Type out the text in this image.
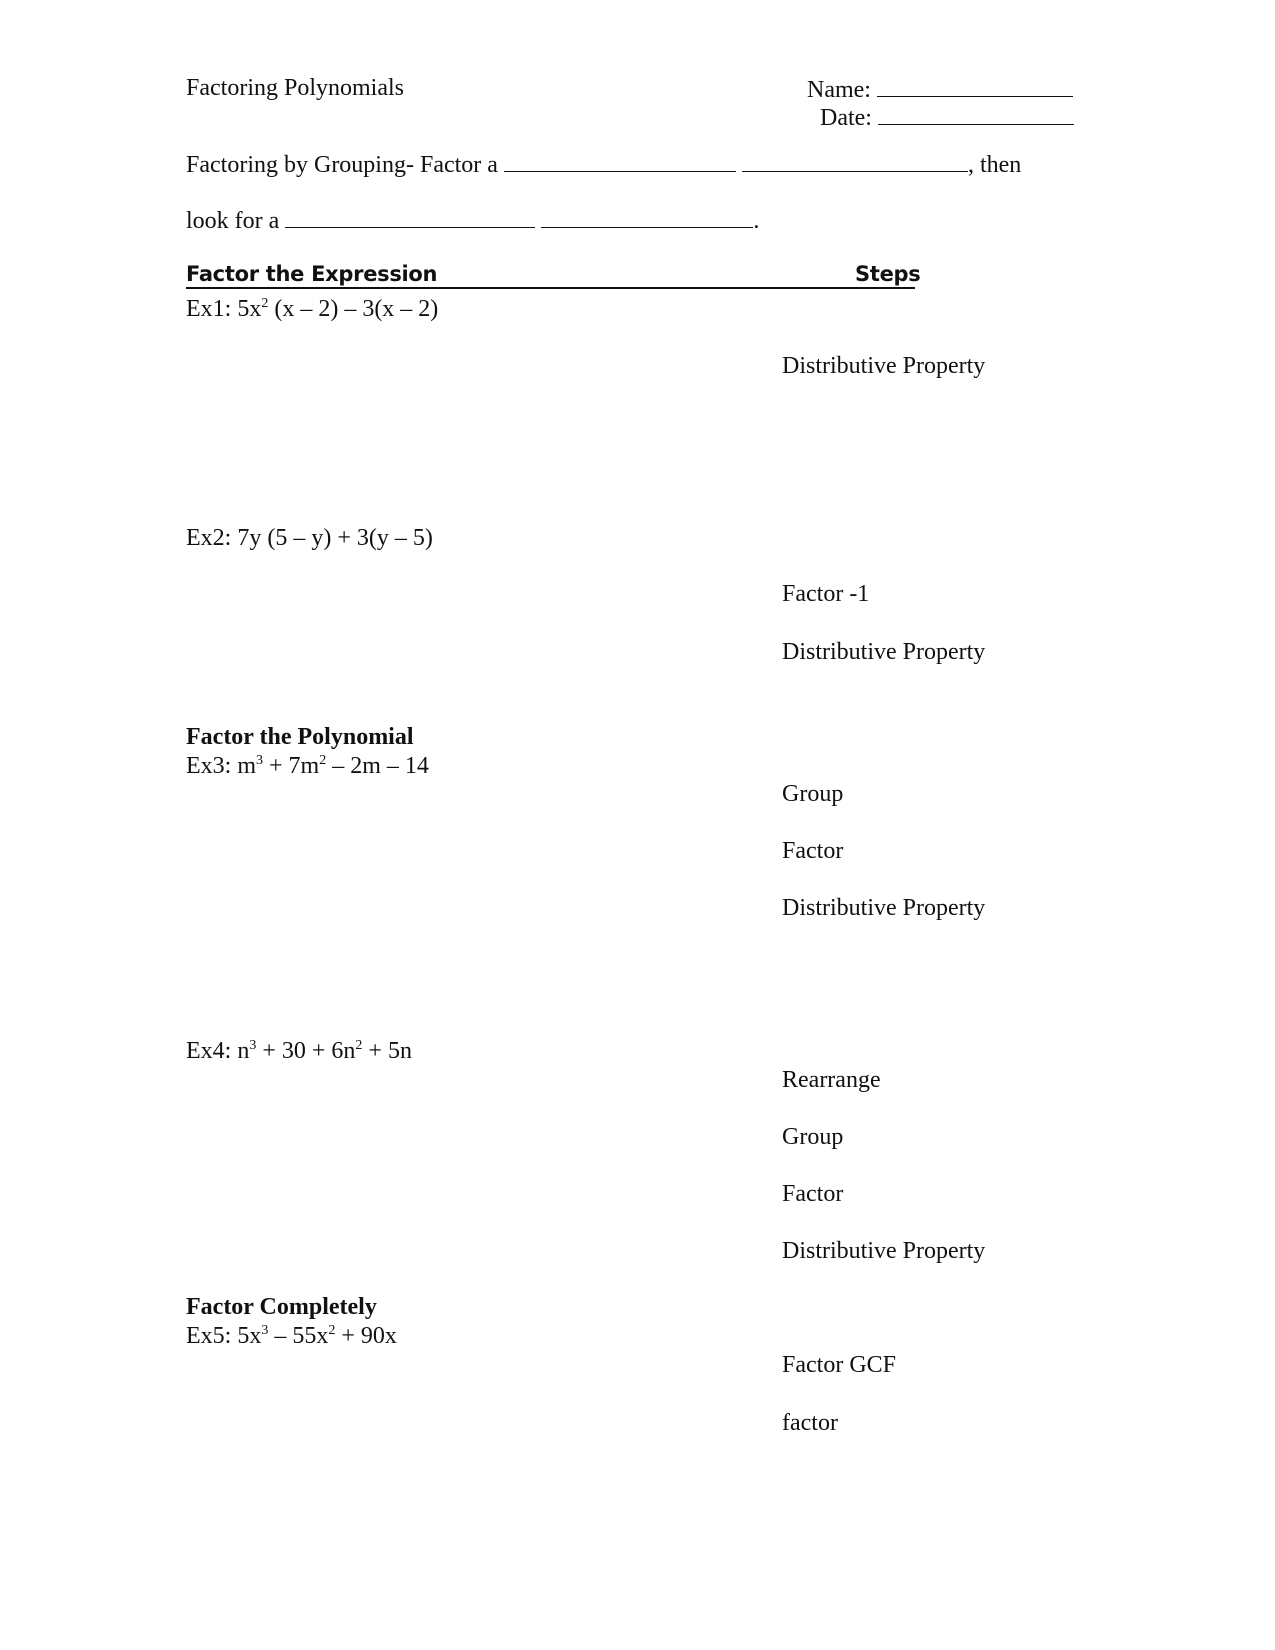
Factoring Polynomials	Name:
Date:
Factoring by Grouping- Factor a	, then
look for a	.
Factor the Expression	Steps
Ex1: $5x^2$ (x – 2) – 3(x – 2)
Distributive Property
Ex2: 7y (5 – y) + 3(y – 5)
Factor -1
Distributive Property
Factor the Polynomial
Ex3: $m^3 + 7m^2 - 2m - 14$
Group
Factor
Distributive Property
Ex4: $n^3 + 30 + 6n^2 + 5n$
Rearrange
Group
Factor
Distributive Property
Factor Completely
Ex5: $5x^3 - 55x^2 + 90x$
Factor GCF
factor
